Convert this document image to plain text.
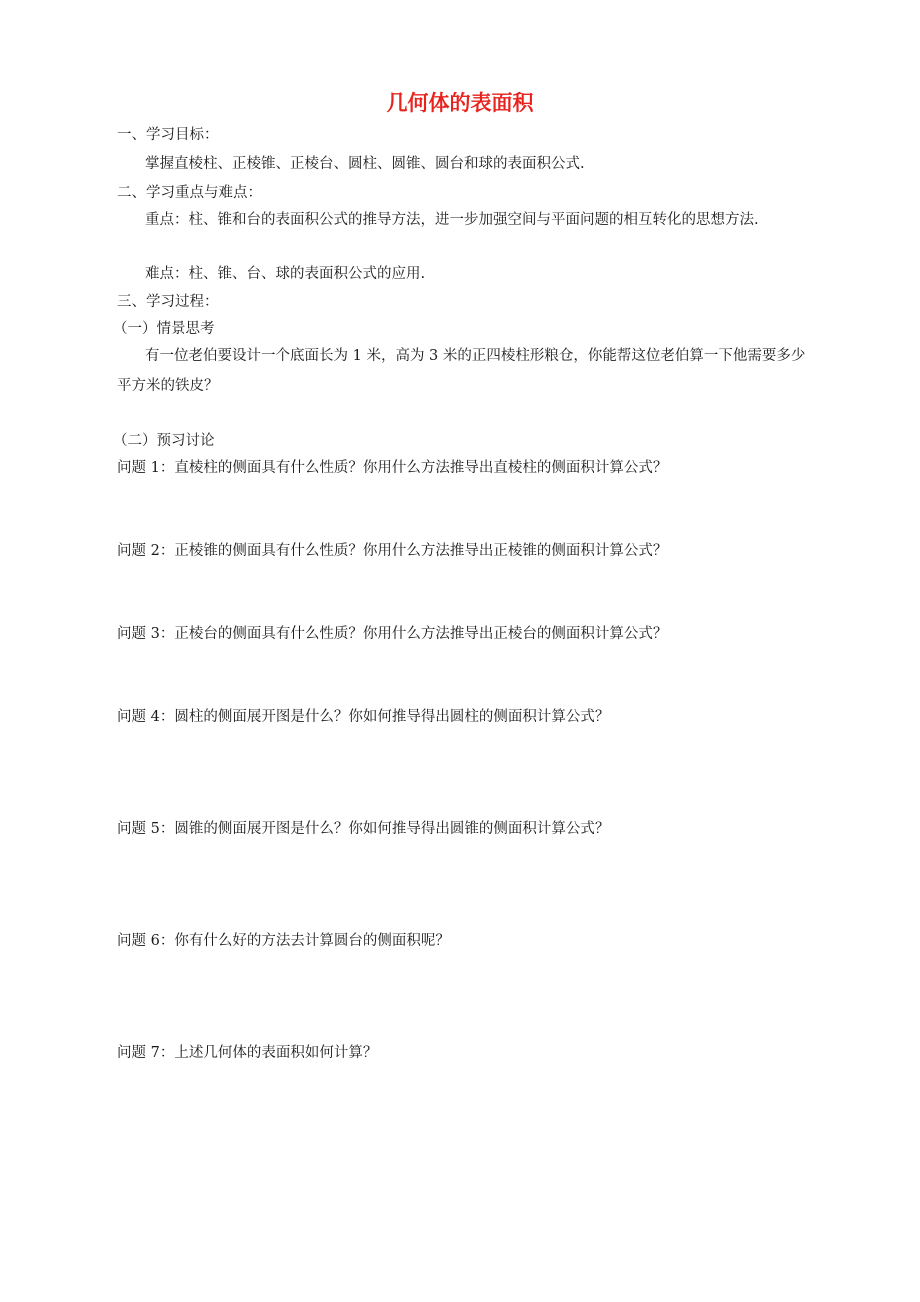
几何体的表面积
一、学习目标：
掌握直棱柱、正棱锥、正棱台、圆柱、圆锥、圆台和球的表面积公式.
二、学习重点与难点：
重点：柱、锥和台的表面积公式的推导方法，进一步加强空间与平面问题的相互转化的思想方法.
难点：柱、锥、台、球的表面积公式的应用.
三、学习过程：
（一）情景思考
有一位老伯要设计一个底面长为 1 米，高为 3 米的正四棱柱形粮仓，你能帮这位老伯算一下他需要多少平方米的铁皮？
（二）预习讨论
问题 1：直棱柱的侧面具有什么性质？你用什么方法推导出直棱柱的侧面积计算公式？
问题 2：正棱锥的侧面具有什么性质？你用什么方法推导出正棱锥的侧面积计算公式？
问题 3：正棱台的侧面具有什么性质？你用什么方法推导出正棱台的侧面积计算公式？
问题 4：圆柱的侧面展开图是什么？你如何推导得出圆柱的侧面积计算公式？
问题 5：圆锥的侧面展开图是什么？你如何推导得出圆锥的侧面积计算公式？
问题 6：你有什么好的方法去计算圆台的侧面积呢？
问题 7：上述几何体的表面积如何计算？
